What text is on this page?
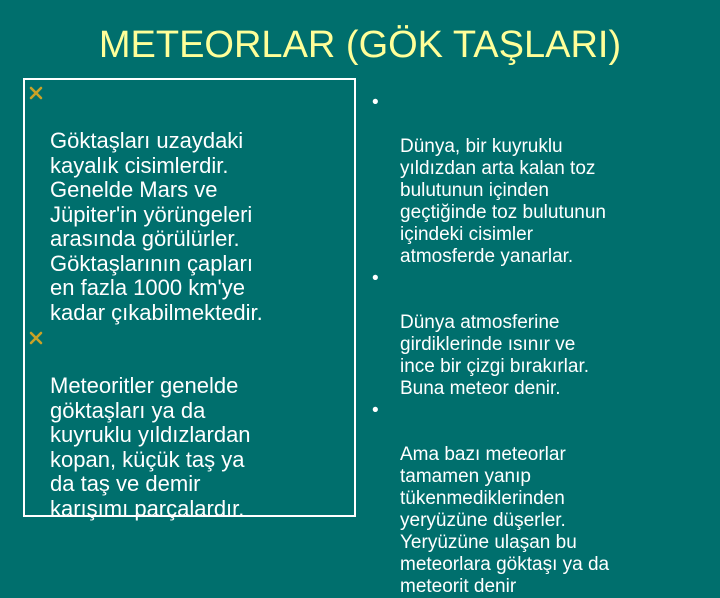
METEORLAR (GÖK TAŞLARI)

Göktaşları uzaydaki
kayalık cisimlerdir.
Genelde Mars ve
Jüpiter'in yörüngeleri
arasında görülürler.
Göktaşlarının çapları
en fazla 1000 km'ye
kadar çıkabilmektedir.

Meteoritler genelde
göktaşları ya da
kuyruklu yıldızlardan
kopan, küçük taş ya
da taş ve demir
karışımı parçalardır.

•

Dünya, bir kuyruklu
yıldızdan arta kalan toz
bulutunun içinden
geçtiğinde toz bulutunun
içindeki cisimler
atmosferde yanarlar.

•

Dünya atmosferine
girdiklerinde ısınır ve
ince bir çizgi bırakırlar.
Buna meteor denir.

•

Ama bazı meteorlar
tamamen yanıp
tükenmediklerinden
yeryüzüne düşerler.
Yeryüzüne ulaşan bu
meteorlara göktaşı ya da
meteorit denir
